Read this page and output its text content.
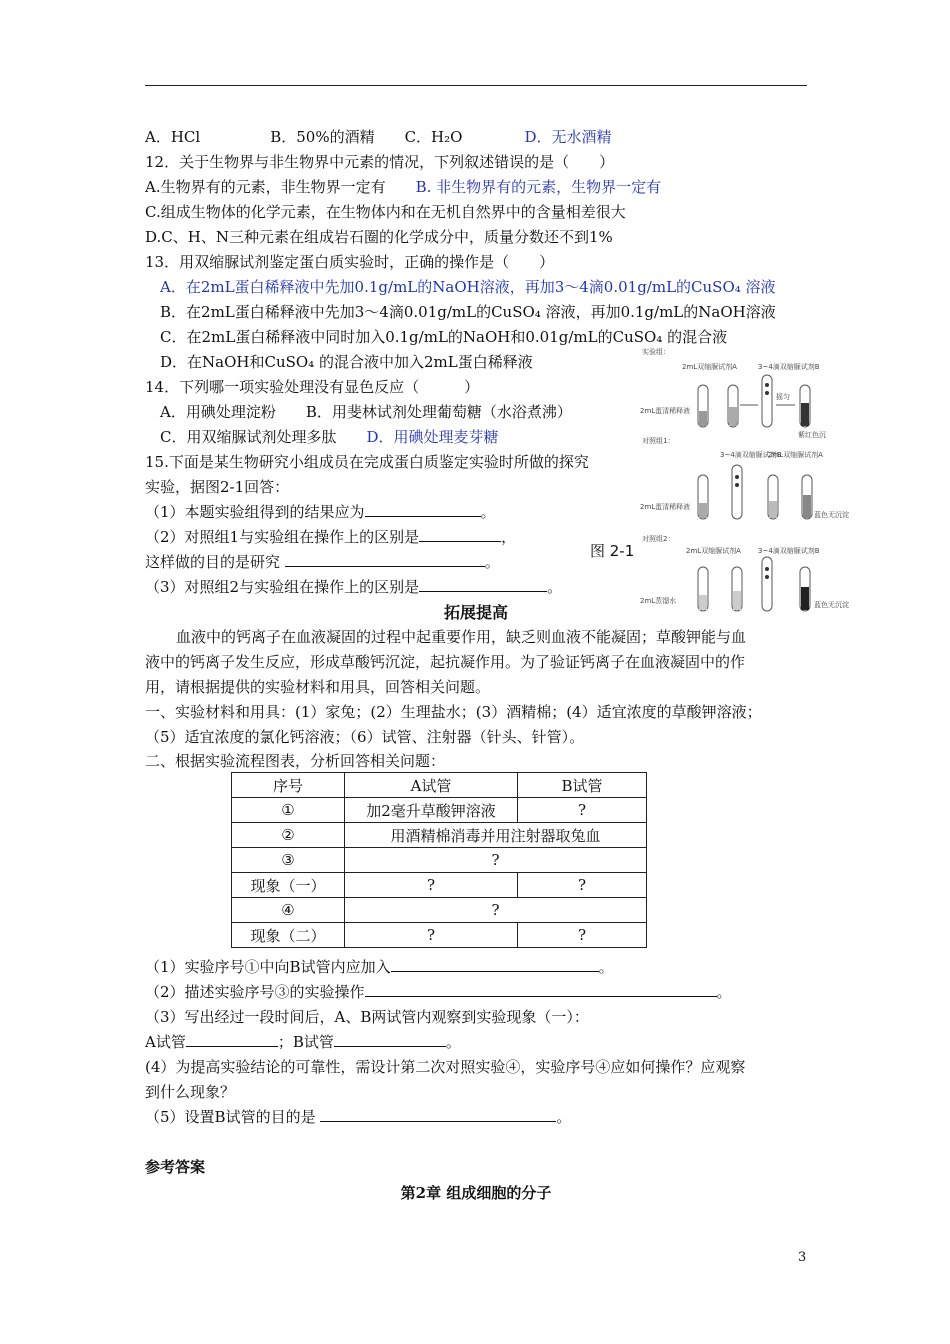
A．HCl	B．50%的酒精 C．H₂O	D．无水酒精
12．关于生物界与非生物界中元素的情况，下列叙述错误的是（　　）
A.生物界有的元素，非生物界一定有 B. 非生物界有的元素，生物界一定有
C.组成生物体的化学元素，在生物体内和在无机自然界中的含量相差很大
D.C、H、N三种元素在组成岩石圈的化学成分中，质量分数还不到1%
13．用双缩脲试剂鉴定蛋白质实验时，正确的操作是（　　）
A．在2mL蛋白稀释液中先加0.1g/mL的NaOH溶液，再加3～4滴0.01g/mL的CuSO₄ 溶液
B．在2mL蛋白稀释液中先加3～4滴0.01g/mL的CuSO₄ 溶液，再加0.1g/mL的NaOH溶液
C．在2mL蛋白稀释液中同时加入0.1g/mL的NaOH和0.01g/mL的CuSO₄ 的混合液
D．在NaOH和CuSO₄ 的混合液中加入2mL蛋白稀释液
14．下列哪一项实验处理没有显色反应（　　　）
A．用碘处理淀粉 B．用斐林试剂处理葡萄糖（水浴煮沸）
C．用双缩脲试剂处理多肽 D．用碘处理麦芽糖
15.下面是某生物研究小组成员在完成蛋白质鉴定实验时所做的探究
实验，据图2-1回答：
（1）本题实验组得到的结果应为	。
（2）对照组1与实验组在操作上的区别是	，
这样做的目的是研究	。
（3）对照组2与实验组在操作上的区别是	。
图 2-1
实验组：
2mL双缩脲试剂A	3~4滴双缩脲试剂B
2mL蛋清稀释液
摇匀
紫红色沉
对照组1：
3~4滴双缩脲试剂B
2mL双缩脲试剂A
2mL蛋清稀释液
蓝色无沉淀
对照组2：
2mL双缩脲试剂A 3~4滴双缩脲试剂B
2mL蒸馏水	蓝色无沉淀
拓展提高
血液中的钙离子在血液凝固的过程中起重要作用，缺乏则血液不能凝固；草酸钾能与血
液中的钙离子发生反应，形成草酸钙沉淀，起抗凝作用。为了验证钙离子在血液凝固中的作
用，请根据提供的实验材料和用具，回答相关问题。
一、实验材料和用具：(1）家兔；(2）生理盐水；(3）酒精棉；(4）适宜浓度的草酸钾溶液；
（5）适宜浓度的氯化钙溶液；（6）试管、注射器（针头、针管）。
二、根据实验流程图表，分析回答相关问题：
序号	A试管	B试管
①	加2毫升草酸钾溶液	?
②	用酒精棉消毒并用注射器取兔血	
③	?	
现象（一）	?	?
④	?	
现象（二）	?	?
（1）实验序号①中向B试管内应加入	。
（2）描述实验序号③的实验操作	。
（3）写出经过一段时间后，A、B两试管内观察到实验现象（一）：
A试管	；B试管	。
(4）为提高实验结论的可靠性，需设计第二次对照实验④，实验序号④应如何操作？应观察
到什么现象？
（5）设置B试管的目的是	。
参考答案
第2章 组成细胞的分子
3
